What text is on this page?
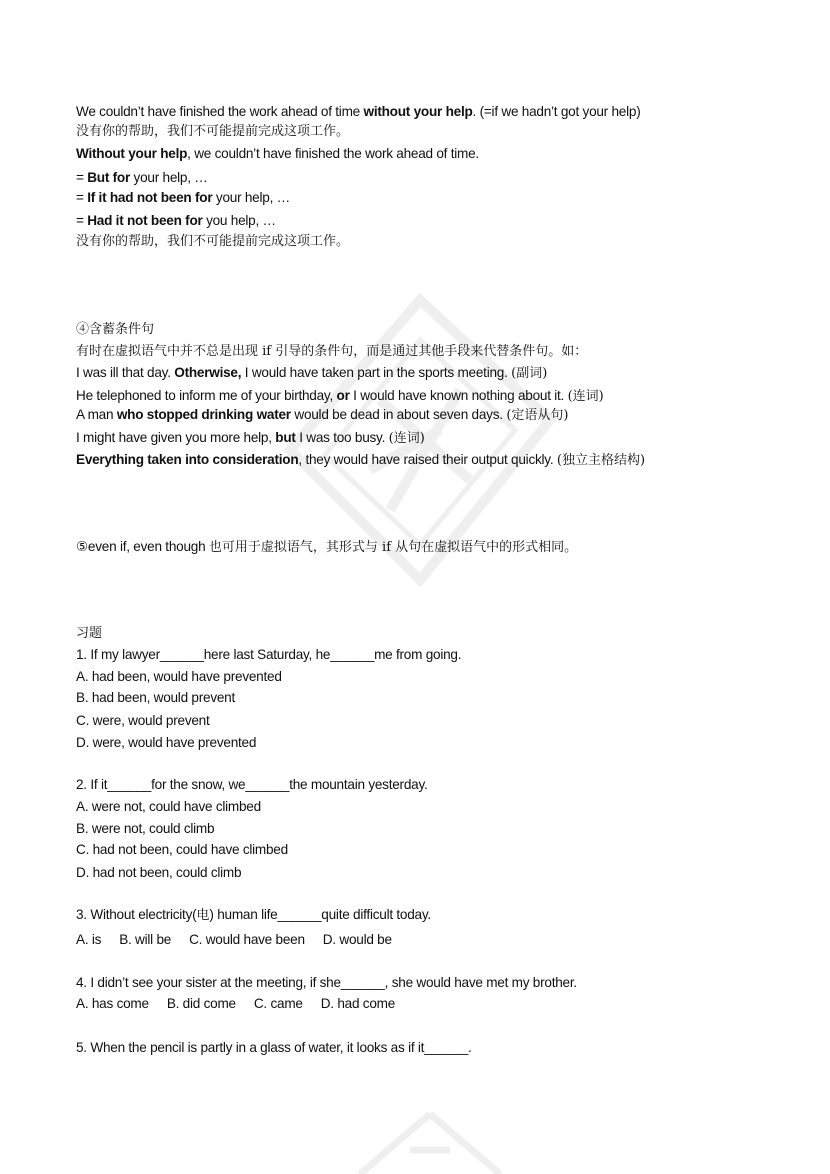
We couldn’t have finished the work ahead of time without your help. (=if we hadn’t got your help)
没有你的帮助，我们不可能提前完成这项工作。
Without your help, we couldn’t have finished the work ahead of time.
= But for your help, …
= If it had not been for your help, …
= Had it not been for you help, …
没有你的帮助，我们不可能提前完成这项工作。
④含蓄条件句
有时在虚拟语气中并不总是出现 if 引导的条件句，而是通过其他手段来代替条件句。如：
I was ill that day. Otherwise, I would have taken part in the sports meeting. (副词)
He telephoned to inform me of your birthday, or I would have known nothing about it. (连词)
A man who stopped drinking water would be dead in about seven days. (定语从句)
I might have given you more help, but I was too busy. (连词)
Everything taken into consideration, they would have raised their output quickly. (独立主格结构)
⑤even if, even though 也可用于虚拟语气，其形式与 if 从句在虚拟语气中的形式相同。
习题
1. If my lawyer______here last Saturday, he______me from going.
A. had been, would have prevented
B. had been, would prevent
C. were, would prevent
D. were, would have prevented
2. If it______for the snow, we______the mountain yesterday.
A. were not, could have climbed
B. were not, could climb
C. had not been, could have climbed
D. had not been, could climb
3. Without electricity(电) human life______quite difficult today.
A. is B. will be C. would have been D. would be
4. I didn’t see your sister at the meeting, if she______, she would have met my brother.
A. has come B. did come C. came D. had come
5. When the pencil is partly in a glass of water, it looks as if it______.
